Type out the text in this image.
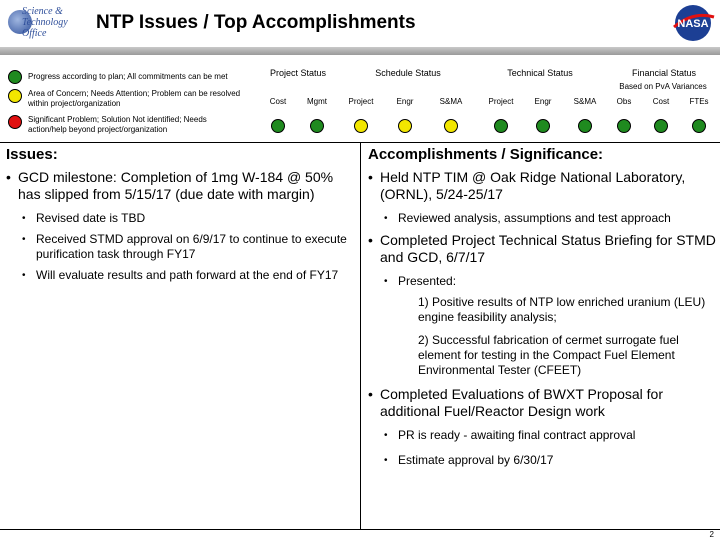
Science &
Technology
Office
NTP Issues / Top Accomplishments	NASA
Progress according to plan; All commitments can be met
Area of Concern; Needs Attention; Problem can be resolved within project/organization
Significant Problem; Solution Not identified; Needs action/help beyond project/organization
Project Status	Schedule Status	Technical Status	Financial Status
Based on PvA Variances
Cost	Mgmt	Project	Engr	S&MA	Project	Engr	S&MA	Obs	Cost	FTEs
Issues:
• GCD milestone: Completion of 1mg W-184 @ 50% has slipped from 5/15/17 (due date with margin)
• Revised date is TBD
• Received STMD approval on 6/9/17 to continue to execute purification task through FY17
• Will evaluate results and path forward at the end of FY17
Accomplishments / Significance:
• Held NTP TIM @ Oak Ridge National Laboratory, (ORNL), 5/24-25/17
• Reviewed analysis, assumptions and test approach
• Completed Project Technical Status Briefing for STMD and GCD, 6/7/17
• Presented:
1) Positive results of NTP low enriched uranium (LEU) engine feasibility analysis;
2) Successful fabrication of cermet surrogate fuel element for testing in the Compact Fuel Element Environmental Tester (CFEET)
• Completed Evaluations of BWXT Proposal for additional Fuel/Reactor Design work
• PR is ready - awaiting final contract approval
• Estimate approval by 6/30/17
2
